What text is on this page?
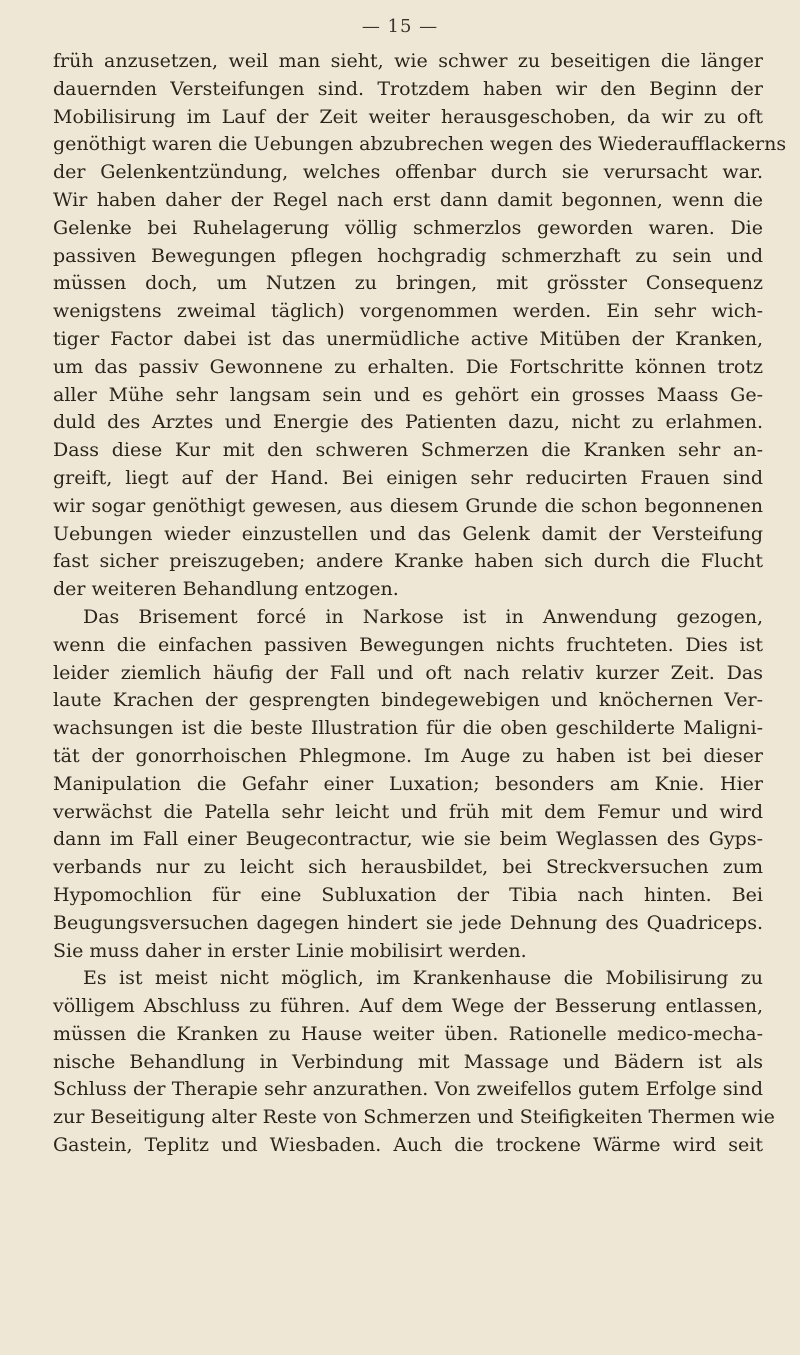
— 15 —
früh anzusetzen, weil man sieht, wie schwer zu beseitigen die länger
dauernden Versteifungen sind. Trotzdem haben wir den Beginn der
Mobilisirung im Lauf der Zeit weiter herausgeschoben, da wir zu oft
genöthigt waren die Uebungen abzubrechen wegen des Wiederaufflackerns
der Gelenkentzündung, welches offenbar durch sie verursacht war.
Wir haben daher der Regel nach erst dann damit begonnen, wenn die
Gelenke bei Ruhelagerung völlig schmerzlos geworden waren. Die
passiven Bewegungen pflegen hochgradig schmerzhaft zu sein und
müssen doch, um Nutzen zu bringen, mit grösster Consequenz
wenigstens zweimal täglich) vorgenommen werden. Ein sehr wich-
tiger Factor dabei ist das unermüdliche active Mitüben der Kranken,
um das passiv Gewonnene zu erhalten. Die Fortschritte können trotz
aller Mühe sehr langsam sein und es gehört ein grosses Maass Ge-
duld des Arztes und Energie des Patienten dazu, nicht zu erlahmen.
Dass diese Kur mit den schweren Schmerzen die Kranken sehr an-
greift, liegt auf der Hand. Bei einigen sehr reducirten Frauen sind
wir sogar genöthigt gewesen, aus diesem Grunde die schon begonnenen
Uebungen wieder einzustellen und das Gelenk damit der Versteifung
fast sicher preiszugeben; andere Kranke haben sich durch die Flucht
der weiteren Behandlung entzogen.
Das Brisement forcé in Narkose ist in Anwendung gezogen,
wenn die einfachen passiven Bewegungen nichts fruchteten. Dies ist
leider ziemlich häufig der Fall und oft nach relativ kurzer Zeit. Das
laute Krachen der gesprengten bindegewebigen und knöchernen Ver-
wachsungen ist die beste Illustration für die oben geschilderte Maligni-
tät der gonorrhoischen Phlegmone. Im Auge zu haben ist bei dieser
Manipulation die Gefahr einer Luxation; besonders am Knie. Hier
verwächst die Patella sehr leicht und früh mit dem Femur und wird
dann im Fall einer Beugecontractur, wie sie beim Weglassen des Gyps-
verbands nur zu leicht sich herausbildet, bei Streckversuchen zum
Hypomochlion für eine Subluxation der Tibia nach hinten. Bei
Beugungsversuchen dagegen hindert sie jede Dehnung des Quadriceps.
Sie muss daher in erster Linie mobilisirt werden.
Es ist meist nicht möglich, im Krankenhause die Mobilisirung zu
völligem Abschluss zu führen. Auf dem Wege der Besserung entlassen,
müssen die Kranken zu Hause weiter üben. Rationelle medico-mecha-
nische Behandlung in Verbindung mit Massage und Bädern ist als
Schluss der Therapie sehr anzurathen. Von zweifellos gutem Erfolge sind
zur Beseitigung alter Reste von Schmerzen und Steifigkeiten Thermen wie
Gastein, Teplitz und Wiesbaden. Auch die trockene Wärme wird seit
